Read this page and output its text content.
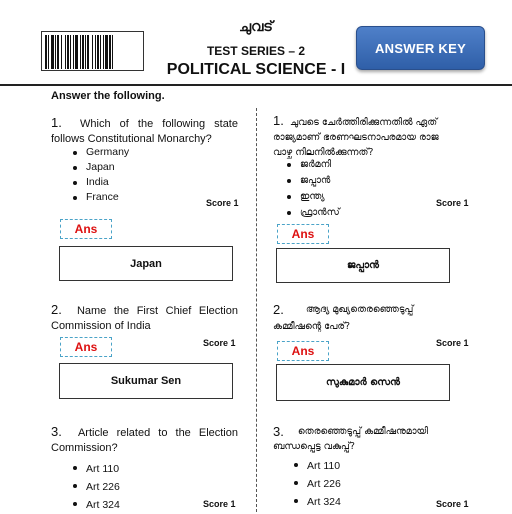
ചുവട്
TEST SERIES – 2
POLITICAL SCIENCE - I
ANSWER KEY
Answer the following.
1. Which of the following state
follows Constitutional Monarchy?
Germany
Japan
India
France	Score 1
Ans
Japan
2. Name the First Chief Election
Commission of India
Ans	Score 1
Sukumar Sen
3. Article related to the Election
Commission?
Art 110
Art 226
Art 324	Score 1
1. ചുവടെ ചേർത്തിരിക്കുന്നതിൽ ഏത്
രാജ്യമാണ് ഭരണഘടനാപരമായ രാജ
വാഴ്ച നിലനിൽക്കുന്നത്?
ജർമനി
ജപ്പാൻ
ഇന്ത്യ
ഫ്രാൻസ്
Score 1
Ans
ജപ്പാൻ
2. ആദ്യ മുഖ്യതെരഞ്ഞെടുപ്പ്
കമ്മീഷന്റെ പേര്?
Score 1
Ans
സുകുമാർ സെൻ
3. തെരഞ്ഞെടുപ്പ് കമ്മീഷനുമായി
ബന്ധപ്പെട്ട വകുപ്പ്?
Art 110
Art 226
Art 324	Score 1
